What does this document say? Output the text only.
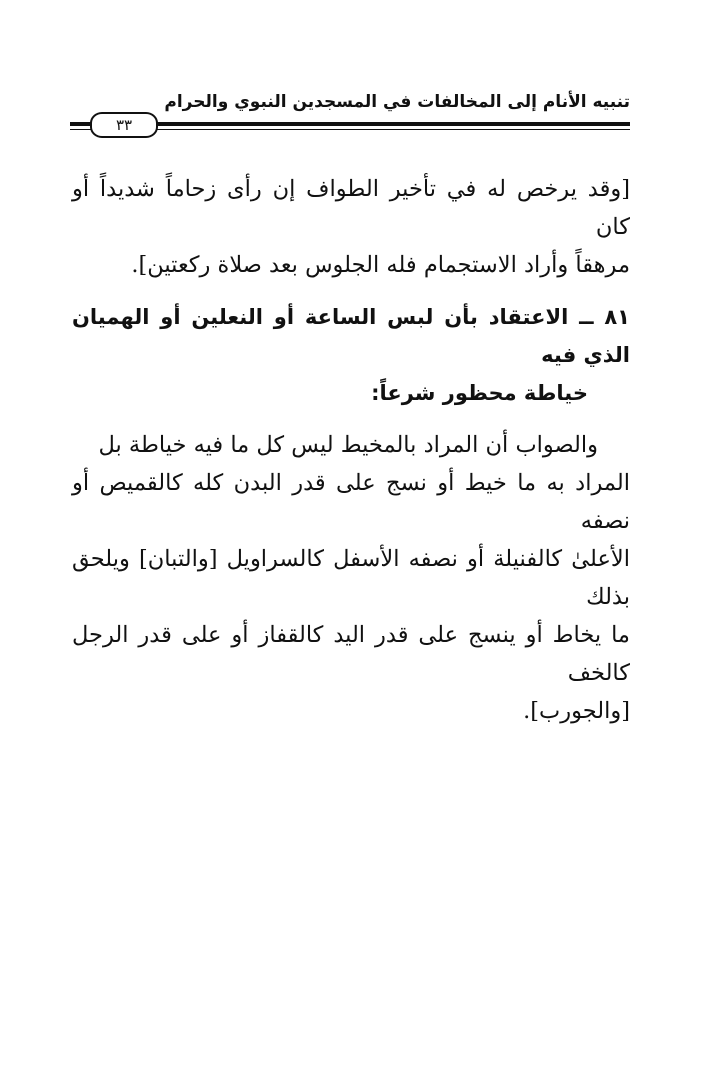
تنبيه الأنام إلى المخالفات في المسجدين النبوي والحرام
٣٣

[وقد يرخص له في تأخير الطواف إن رأى زحاماً شديداً أو كان
مرهقاً وأراد الاستجمام فله الجلوس بعد صلاة ركعتين].

٨١ ــ الاعتقاد بأن لبس الساعة أو النعلين أو الهميان الذي فيه
خياطة محظور شرعاً:

والصواب أن المراد بالمخيط ليس كل ما فيه خياطة بل
المراد به ما خيط أو نسج على قدر البدن كله كالقميص أو نصفه
الأعلىٰ كالفنيلة أو نصفه الأسفل كالسراويل [والتبان] ويلحق بذلك
ما يخاط أو ينسج على قدر اليد كالقفاز أو على قدر الرجل كالخف
[والجورب].
